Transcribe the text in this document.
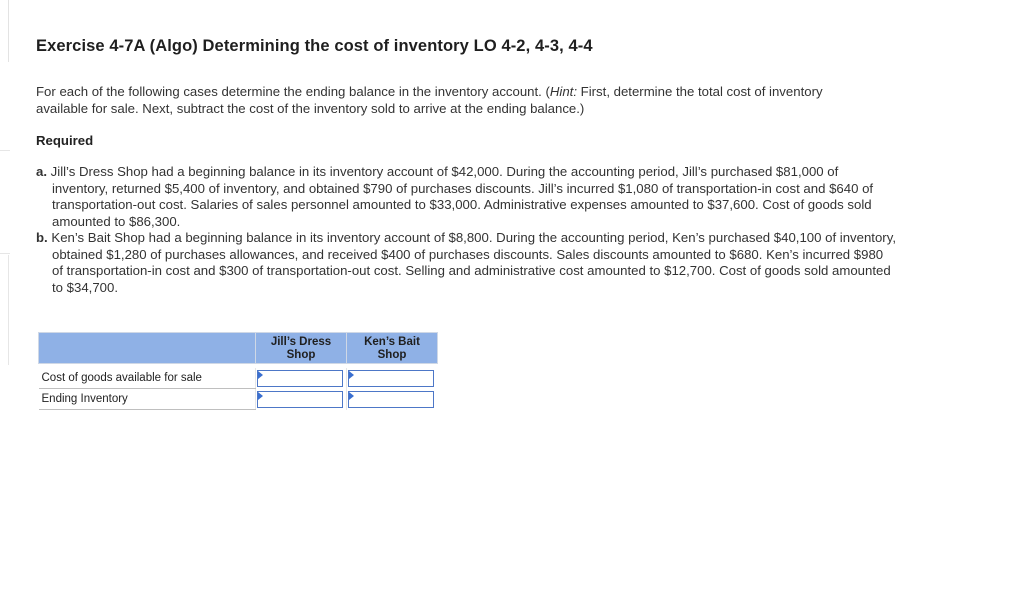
Exercise 4-7A (Algo) Determining the cost of inventory LO 4-2, 4-3, 4-4
For each of the following cases determine the ending balance in the inventory account. (Hint: First, determine the total cost of inventory available for sale. Next, subtract the cost of the inventory sold to arrive at the ending balance.)
Required
a. Jill’s Dress Shop had a beginning balance in its inventory account of $42,000. During the accounting period, Jill’s purchased $81,000 of inventory, returned $5,400 of inventory, and obtained $790 of purchases discounts. Jill’s incurred $1,080 of transportation-in cost and $640 of transportation-out cost. Salaries of sales personnel amounted to $33,000. Administrative expenses amounted to $37,600. Cost of goods sold amounted to $86,300.
b. Ken’s Bait Shop had a beginning balance in its inventory account of $8,800. During the accounting period, Ken’s purchased $40,100 of inventory, obtained $1,280 of purchases allowances, and received $400 of purchases discounts. Sales discounts amounted to $680. Ken’s incurred $980 of transportation-in cost and $300 of transportation-out cost. Selling and administrative cost amounted to $12,700. Cost of goods sold amounted to $34,700.
	Jill’s Dress Shop	Ken’s Bait Shop

Cost of goods available for sale	

Ending Inventory	
